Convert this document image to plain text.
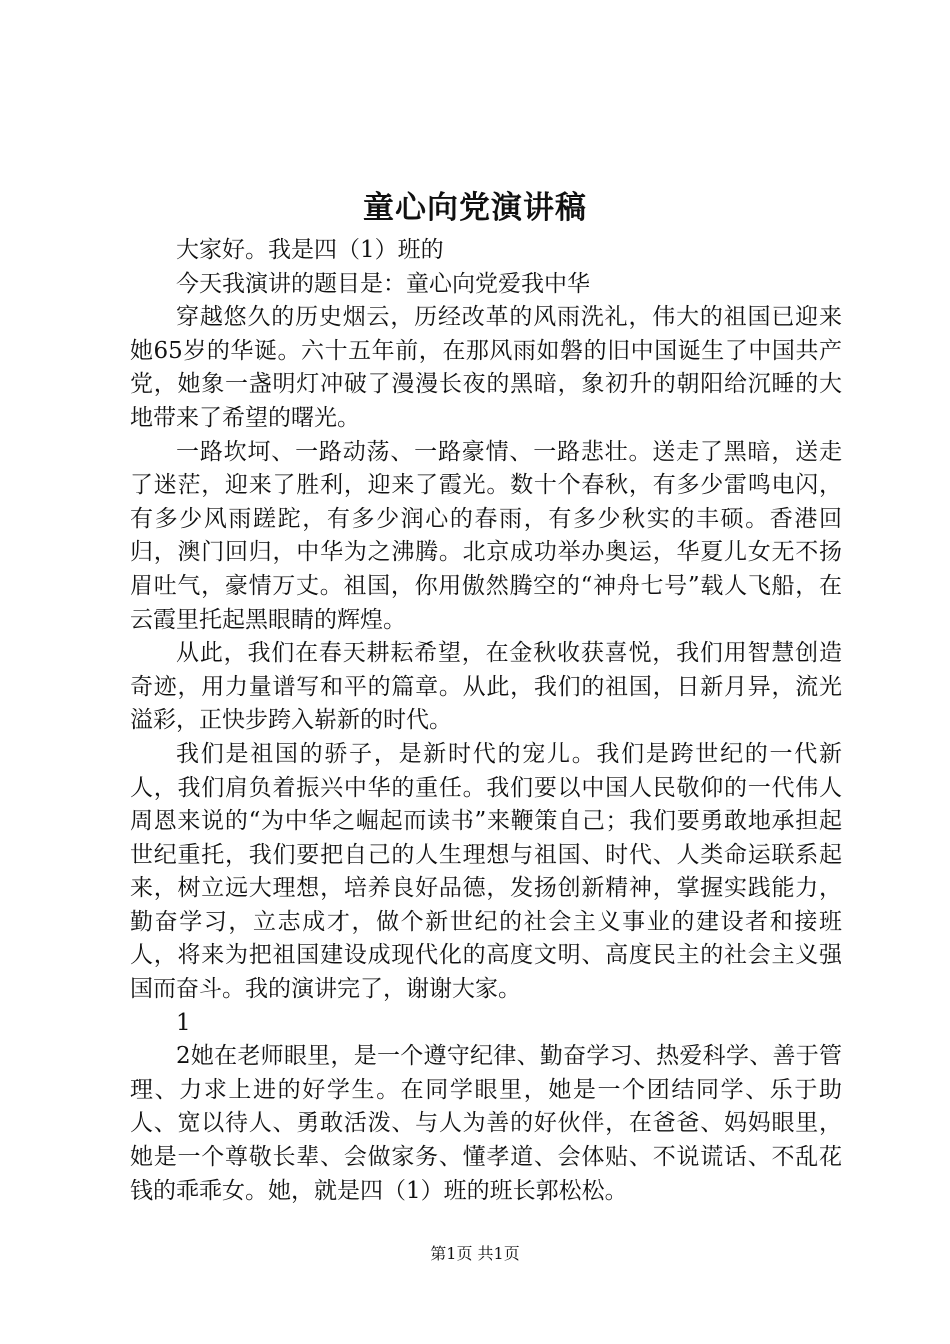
童心向党演讲稿

大家好。我是四（1）班的

今天我演讲的题目是：童心向党爱我中华

穿越悠久的历史烟云，历经改革的风雨洗礼，伟大的祖国已迎来她65岁的华诞。六十五年前，在那风雨如磐的旧中国诞生了中国共产党，她象一盏明灯冲破了漫漫长夜的黑暗，象初升的朝阳给沉睡的大地带来了希望的曙光。

一路坎坷、一路动荡、一路豪情、一路悲壮。送走了黑暗，送走了迷茫，迎来了胜利，迎来了霞光。数十个春秋，有多少雷鸣电闪，有多少风雨蹉跎，有多少润心的春雨，有多少秋实的丰硕。香港回归，澳门回归，中华为之沸腾。北京成功举办奥运，华夏儿女无不扬眉吐气，豪情万丈。祖国，你用傲然腾空的“神舟七号”载人飞船，在云霞里托起黑眼睛的辉煌。

从此，我们在春天耕耘希望，在金秋收获喜悦，我们用智慧创造奇迹，用力量谱写和平的篇章。从此，我们的祖国，日新月异，流光溢彩，正快步跨入崭新的时代。

我们是祖国的骄子，是新时代的宠儿。我们是跨世纪的一代新人，我们肩负着振兴中华的重任。我们要以中国人民敬仰的一代伟人周恩来说的“为中华之崛起而读书”来鞭策自己；我们要勇敢地承担起世纪重托，我们要把自己的人生理想与祖国、时代、人类命运联系起来，树立远大理想，培养良好品德，发扬创新精神，掌握实践能力，勤奋学习，立志成才，做个新世纪的社会主义事业的建设者和接班人，将来为把祖国建设成现代化的高度文明、高度民主的社会主义强国而奋斗。我的演讲完了，谢谢大家。

1

2她在老师眼里，是一个遵守纪律、勤奋学习、热爱科学、善于管理、力求上进的好学生。在同学眼里，她是一个团结同学、乐于助人、宽以待人、勇敢活泼、与人为善的好伙伴，在爸爸、妈妈眼里，她是一个尊敬长辈、会做家务、懂孝道、会体贴、不说谎话、不乱花钱的乖乖女。她，就是四（1）班的班长郭松松。

第1页 共1页
